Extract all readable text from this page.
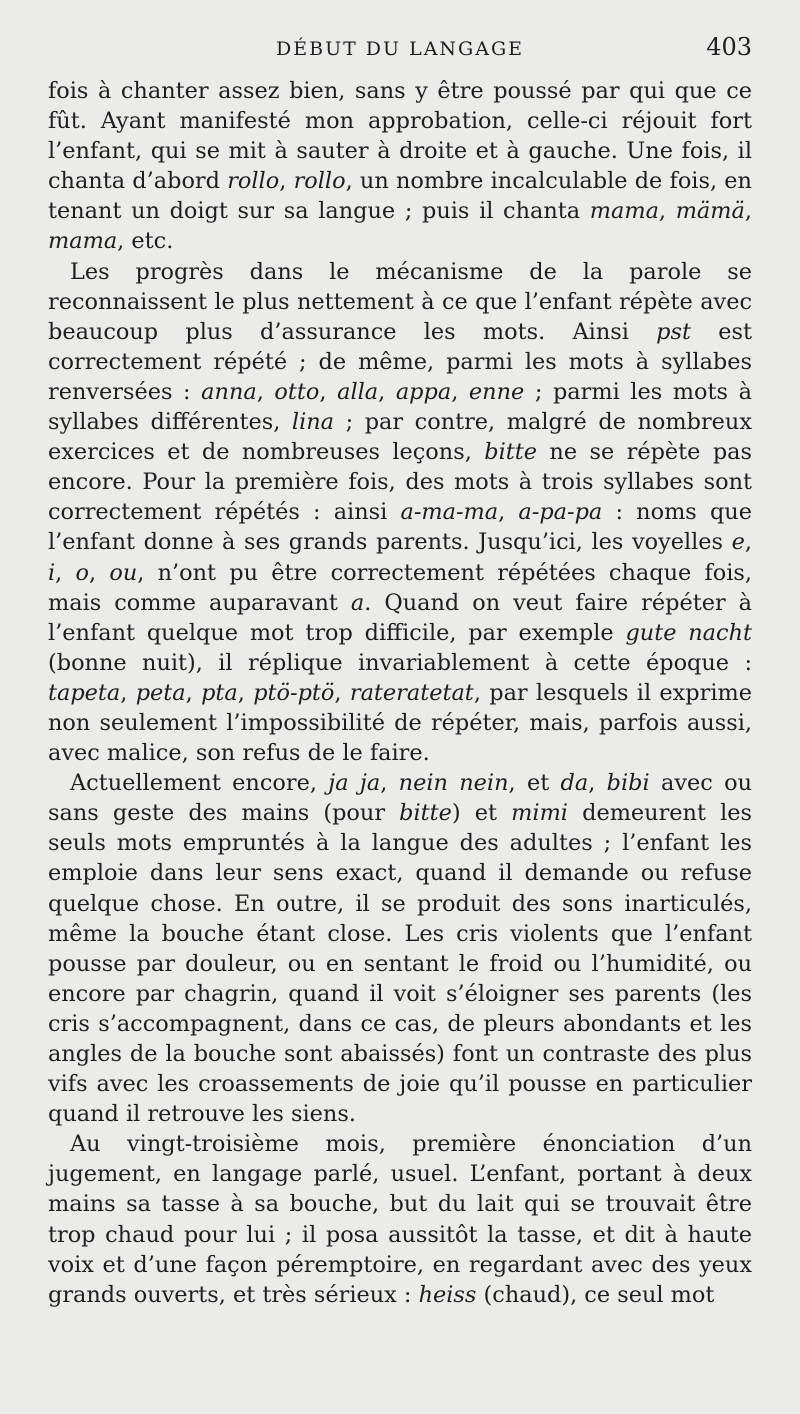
DÉBUT DU LANGAGE	403

fois à chanter assez bien, sans y être poussé par qui que ce fût. Ayant manifesté mon approbation, celle-ci réjouit fort l’enfant, qui se mit à sauter à droite et à gauche. Une fois, il chanta d’abord rollo, rollo, un nombre incalculable de fois, en tenant un doigt sur sa langue ; puis il chanta mama, mämä, mama, etc.

Les progrès dans le mécanisme de la parole se reconnaissent le plus nettement à ce que l’enfant répète avec beaucoup plus d’assurance les mots. Ainsi pst est correctement répété ; de même, parmi les mots à syllabes renversées : anna, otto, alla, appa, enne ; parmi les mots à syllabes différentes, lina ; par contre, malgré de nombreux exercices et de nombreuses leçons, bitte ne se répète pas encore. Pour la première fois, des mots à trois syllabes sont correctement répétés : ainsi a-ma-ma, a-pa-pa : noms que l’enfant donne à ses grands parents. Jusqu’ici, les voyelles e, i, o, ou, n’ont pu être correctement répétées chaque fois, mais comme auparavant a. Quand on veut faire répéter à l’enfant quelque mot trop difficile, par exemple gute nacht (bonne nuit), il réplique invariablement à cette époque : tapeta, peta, pta, ptö-ptö, rateratetat, par lesquels il exprime non seulement l’impossibilité de répéter, mais, parfois aussi, avec malice, son refus de le faire.

Actuellement encore, ja ja, nein nein, et da, bibi avec ou sans geste des mains (pour bitte) et mimi demeurent les seuls mots empruntés à la langue des adultes ; l’enfant les emploie dans leur sens exact, quand il demande ou refuse quelque chose. En outre, il se produit des sons inarticulés, même la bouche étant close. Les cris violents que l’enfant pousse par douleur, ou en sentant le froid ou l’humidité, ou encore par chagrin, quand il voit s’éloigner ses parents (les cris s’accompagnent, dans ce cas, de pleurs abondants et les angles de la bouche sont abaissés) font un contraste des plus vifs avec les croassements de joie qu’il pousse en particulier quand il retrouve les siens.

Au vingt-troisième mois, première énonciation d’un jugement, en langage parlé, usuel. L’enfant, portant à deux mains sa tasse à sa bouche, but du lait qui se trouvait être trop chaud pour lui ; il posa aussitôt la tasse, et dit à haute voix et d’une façon péremptoire, en regardant avec des yeux grands ouverts, et très sérieux : heiss (chaud), ce seul mot
